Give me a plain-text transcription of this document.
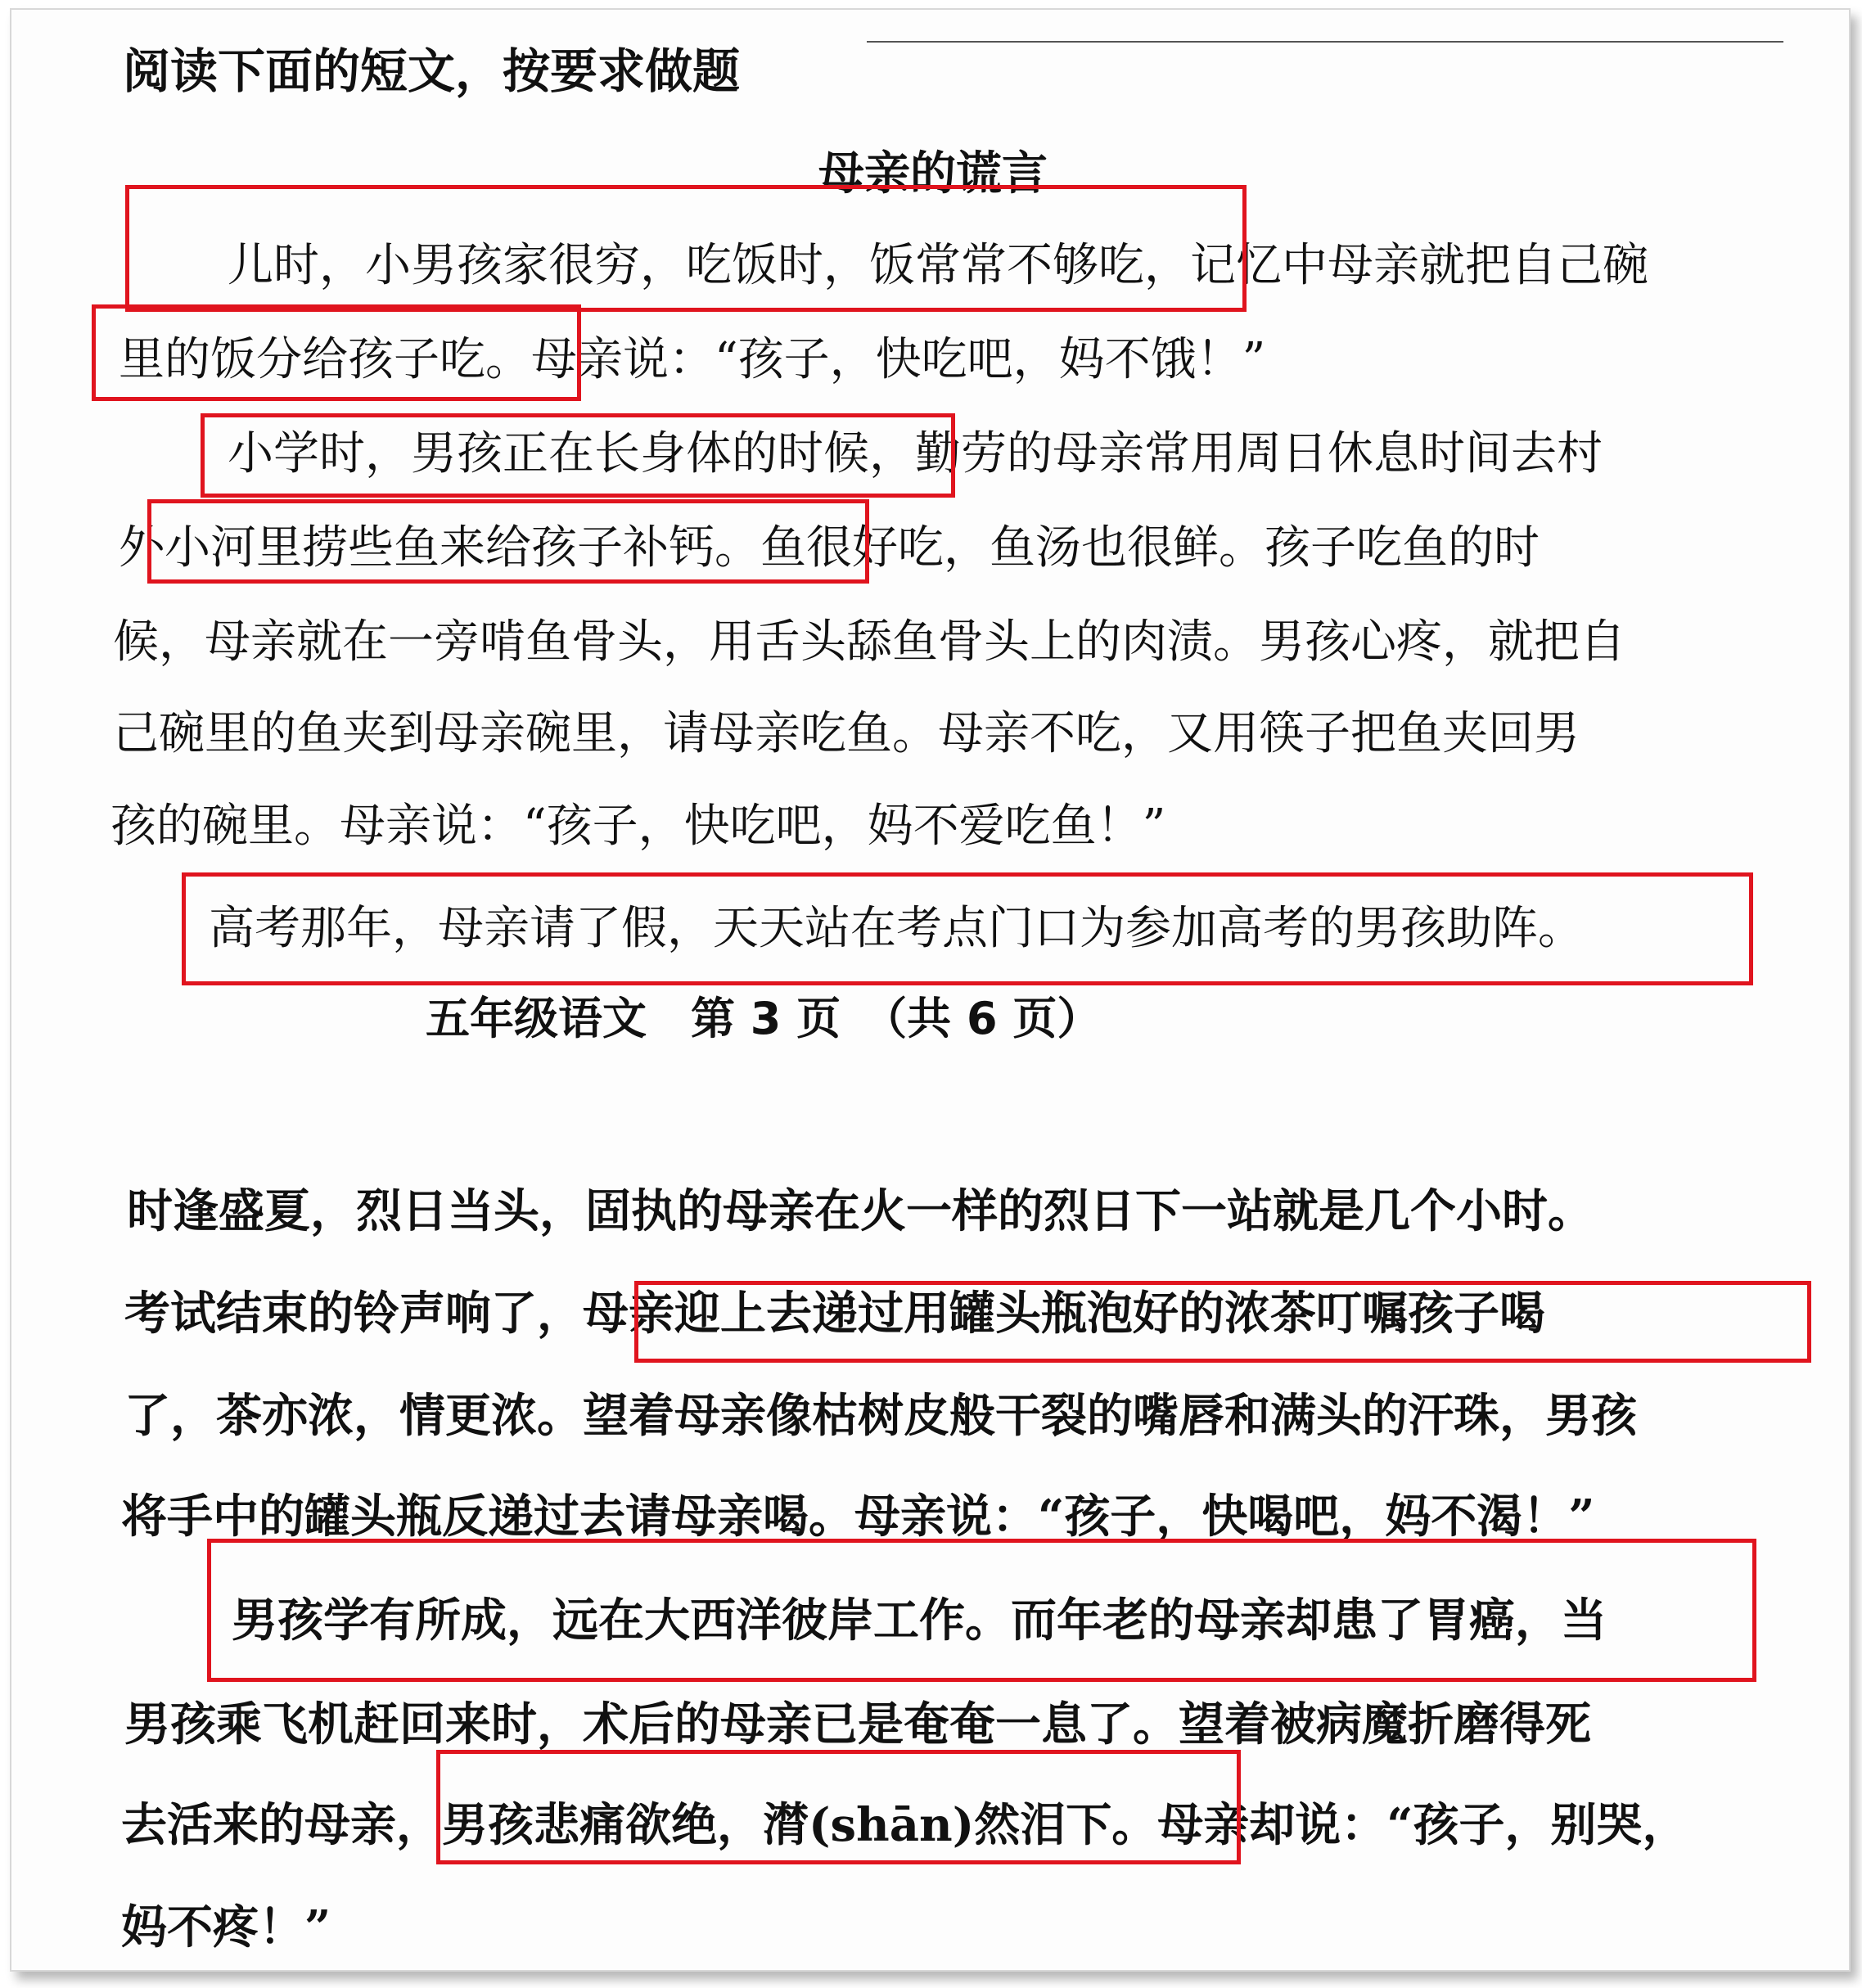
阅读下面的短文，按要求做题
母亲的谎言
儿时，小男孩家很穷，吃饭时，饭常常不够吃，记忆中母亲就把自己碗
里的饭分给孩子吃。母亲说：“孩子，快吃吧，妈不饿！”
小学时，男孩正在长身体的时候，勤劳的母亲常用周日休息时间去村
外小河里捞些鱼来给孩子补钙。鱼很好吃，鱼汤也很鲜。孩子吃鱼的时
候，母亲就在一旁啃鱼骨头，用舌头舔鱼骨头上的肉渍。男孩心疼，就把自
己碗里的鱼夹到母亲碗里，请母亲吃鱼。母亲不吃，又用筷子把鱼夹回男
孩的碗里。母亲说：“孩子，快吃吧，妈不爱吃鱼！”
高考那年，母亲请了假，天天站在考点门口为参加高考的男孩助阵。
五年级语文　第 3 页　（共 6 页）
时逢盛夏，烈日当头，固执的母亲在火一样的烈日下一站就是几个小时。
考试结束的铃声响了，母亲迎上去递过用罐头瓶泡好的浓茶叮嘱孩子喝
了，茶亦浓，情更浓。望着母亲像枯树皮般干裂的嘴唇和满头的汗珠，男孩
将手中的罐头瓶反递过去请母亲喝。母亲说：“孩子，快喝吧，妈不渴！”
男孩学有所成，远在大西洋彼岸工作。而年老的母亲却患了胃癌，当
男孩乘飞机赶回来时，术后的母亲已是奄奄一息了。望着被病魔折磨得死
去活来的母亲，男孩悲痛欲绝，潸(shān)然泪下。母亲却说：“孩子，别哭，
妈不疼！”
